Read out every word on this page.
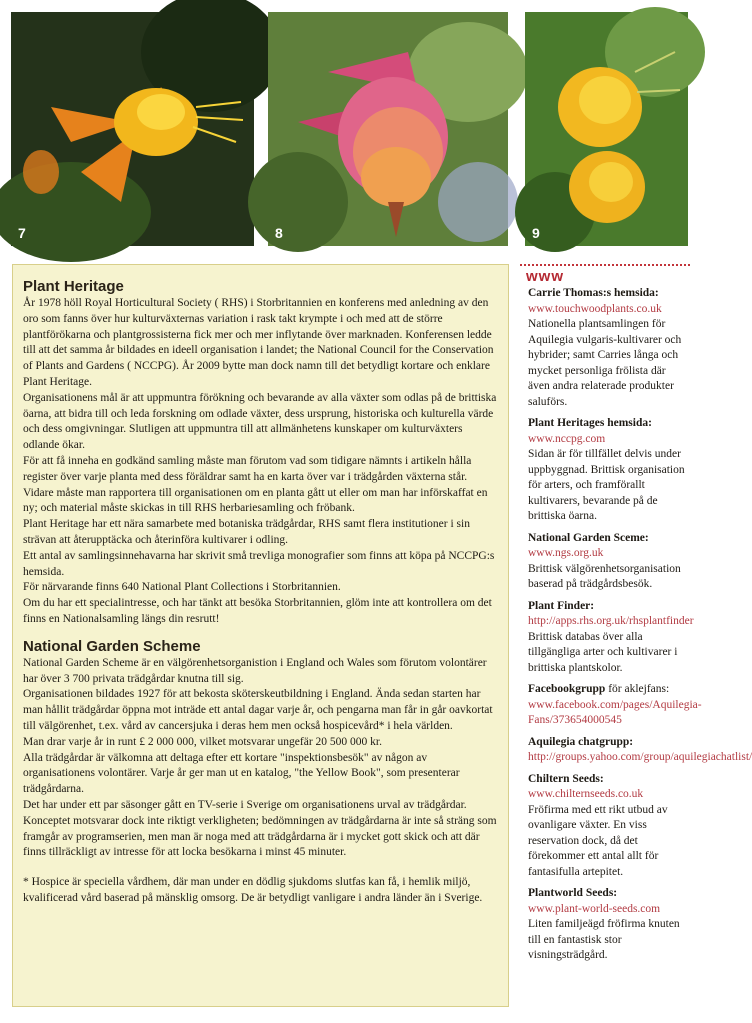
7	8	9
Plant Heritage

År 1978 höll Royal Horticultural Society ( RHS) i Storbritannien en konferens med anledning av den oro som fanns över hur kulturväxternas variation i rask takt krympte i och med att de större plantförökarna och plantgrossisterna fick mer och mer inflytande över marknaden. Konferensen ledde till att det samma år bildades en ideell organisation i landet; the National Council for the Conservation of Plants and Gardens ( NCCPG). År 2009 bytte man dock namn till det betydligt kortare och enklare Plant Heritage.

Organisationens mål är att uppmuntra förökning och bevarande av alla växter som odlas på de brittiska öarna, att bidra till och leda forskning om odlade växter, dess ursprung, historiska och kulturella värde och dess omgivningar. Slutligen att uppmuntra till att allmänhetens kunskaper om kulturväxters odlande ökar.

För att få inneha en godkänd samling måste man förutom vad som tidigare nämnts i artikeln hålla register över varje planta med dess föräldrar samt ha en karta över var i trädgården växterna står.

Vidare måste man rapportera till organisationen om en planta gått ut eller om man har införskaffat en ny; och material måste skickas in till RHS herbariesamling och fröbank.

Plant Heritage har ett nära samarbete med botaniska trädgårdar, RHS samt flera institutioner i sin strävan att återupptäcka och återinföra kultivarer i odling.

Ett antal av samlingsinnehavarna har skrivit små trevliga monografier som finns att köpa på NCCPG:s hemsida.

För närvarande finns 640 National Plant Collections i Storbritannien.

Om du har ett specialintresse, och har tänkt att besöka Storbritannien, glöm inte att kontrollera om det finns en Nationalsamling längs din resrutt!

National Garden Scheme

National Garden Scheme är en välgörenhetsorganistion i England och Wales som förutom volontärer har över 3 700 privata trädgårdar knutna till sig.

Organisationen bildades 1927 för att bekosta sköterskeutbildning i England. Ända sedan starten har man hållit trädgårdar öppna mot inträde ett antal dagar varje år, och pengarna man får in går oavkortat till välgörenhet, t.ex. vård av cancersjuka i deras hem men också hospicevård* i hela världen.

Man drar varje år in runt £ 2 000 000, vilket motsvarar ungefär 20 500 000 kr.

Alla trädgårdar är välkomna att deltaga efter ett kortare "inspektionsbesök" av någon av organisationens volontärer. Varje år ger man ut en katalog, "the Yellow Book", som presenterar trädgårdarna.

Det har under ett par säsonger gått en TV-serie i Sverige om organisationens urval av trädgårdar. Konceptet motsvarar dock inte riktigt verkligheten; bedömningen av trädgårdarna är inte så sträng som framgår av programserien, men man är noga med att trädgårdarna är i mycket gott skick och att där finns tillräckligt av intresse för att locka besökarna i minst 45 minuter.

* Hospice är speciella vårdhem, där man under en dödlig sjukdoms slutfas kan få, i hemlik miljö, kvalificerad vård baserad på mänsklig omsorg. De är betydligt vanligare i andra länder än i Sverige.

www
Carrie Thomas:s hemsida:
www.touchwoodplants.co.uk

Nationella plantsamlingen för Aquilegia vulgaris-kultivarer och hybrider; samt Carries långa och mycket personliga frölista där även andra relaterade produkter saluförs.

Plant Heritages hemsida:
www.nccpg.com

Sidan är för tillfället delvis under uppbyggnad. Brittisk organisation för arters, och framförallt kultivarers, bevarande på de brittiska öarna.

National Garden Sceme:
www.ngs.org.uk

Brittisk välgörenhetsorganisation baserad på trädgårdsbesök.

Plant Finder: http://apps.rhs.org.uk/rhsplantfinder Brittisk databas över alla tillgängliga arter och kultivarer i brittiska plantskolor.

Facebookgrupp för aklejfans: www.facebook.com/pages/Aquilegia-Fans/373654000545

Aquilegia chatgrupp: http://groups.yahoo.com/group/aquilegiachatlist/

Chiltern Seeds:
www.chilternseeds.co.uk

Fröfirma med ett rikt utbud av ovanligare växter. En viss reservation dock, då det förekommer ett antal allt för fantasifulla artepitet.

Plantworld Seeds:
www.plant-world-seeds.com

Liten familjeägd fröfirma knuten till en fantastisk stor visningsträdgård.
